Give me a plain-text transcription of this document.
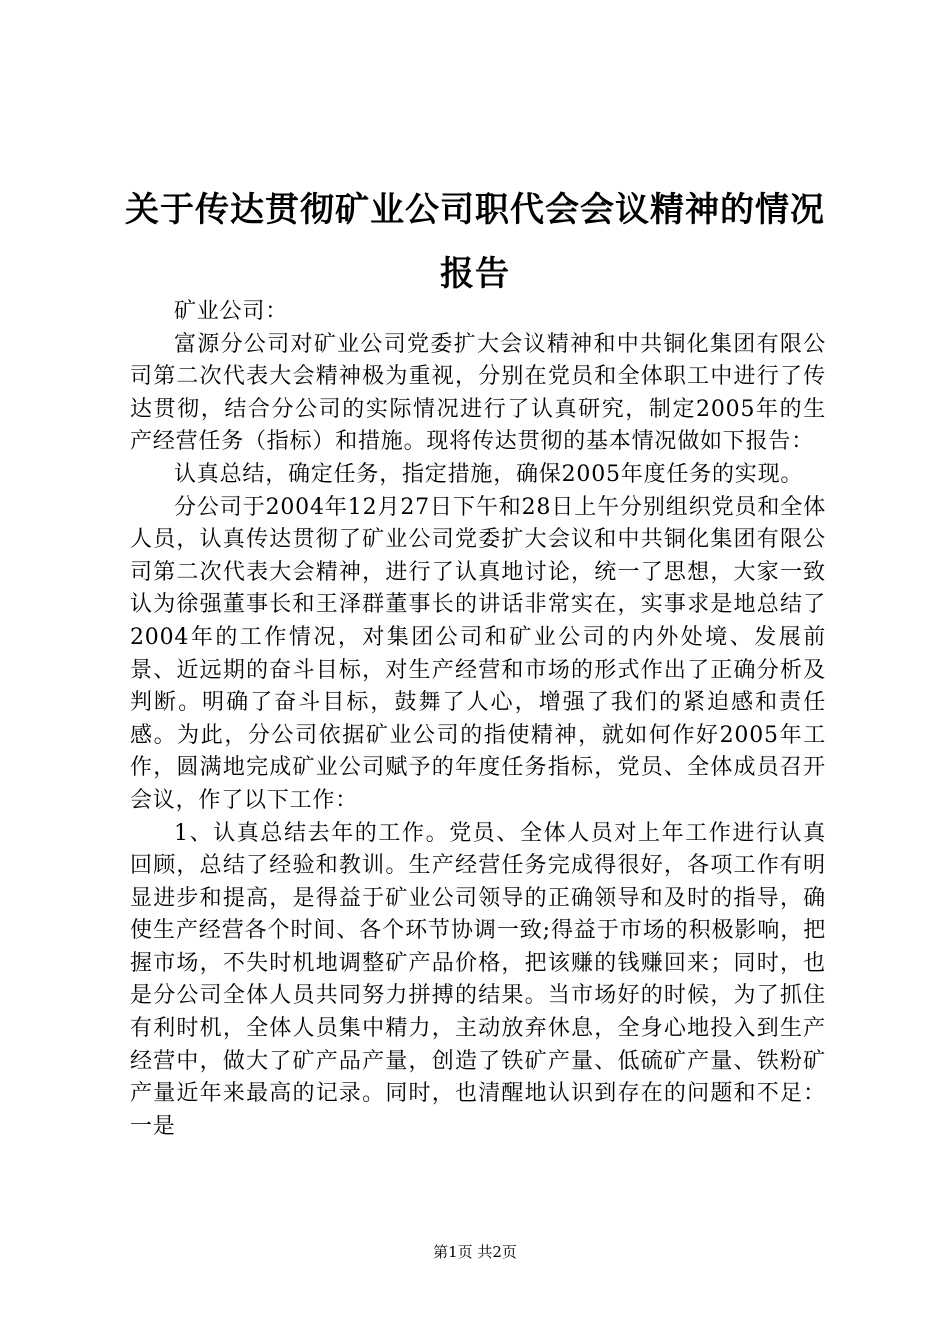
关于传达贯彻矿业公司职代会会议精神的情况报告

矿业公司：

富源分公司对矿业公司党委扩大会议精神和中共铜化集团有限公司第二次代表大会精神极为重视，分别在党员和全体职工中进行了传达贯彻，结合分公司的实际情况进行了认真研究，制定2005年的生产经营任务（指标）和措施。现将传达贯彻的基本情况做如下报告：

认真总结，确定任务，指定措施，确保2005年度任务的实现。

分公司于2004年12月27日下午和28日上午分别组织党员和全体人员，认真传达贯彻了矿业公司党委扩大会议和中共铜化集团有限公司第二次代表大会精神，进行了认真地讨论，统一了思想，大家一致认为徐强董事长和王泽群董事长的讲话非常实在，实事求是地总结了2004年的工作情况，对集团公司和矿业公司的内外处境、发展前景、近远期的奋斗目标，对生产经营和市场的形式作出了正确分析及判断。明确了奋斗目标，鼓舞了人心，增强了我们的紧迫感和责任感。为此，分公司依据矿业公司的指使精神，就如何作好2005年工作，圆满地完成矿业公司赋予的年度任务指标，党员、全体成员召开会议，作了以下工作：

1、认真总结去年的工作。党员、全体人员对上年工作进行认真回顾，总结了经验和教训。生产经营任务完成得很好，各项工作有明显进步和提高，是得益于矿业公司领导的正确领导和及时的指导，确使生产经营各个时间、各个环节协调一致;得益于市场的积极影响，把握市场，不失时机地调整矿产品价格，把该赚的钱赚回来；同时，也是分公司全体人员共同努力拼搏的结果。当市场好的时候，为了抓住有利时机，全体人员集中精力，主动放弃休息，全身心地投入到生产经营中，做大了矿产品产量，创造了铁矿产量、低硫矿产量、铁粉矿产量近年来最高的记录。同时，也清醒地认识到存在的问题和不足：一是

第1页 共2页
